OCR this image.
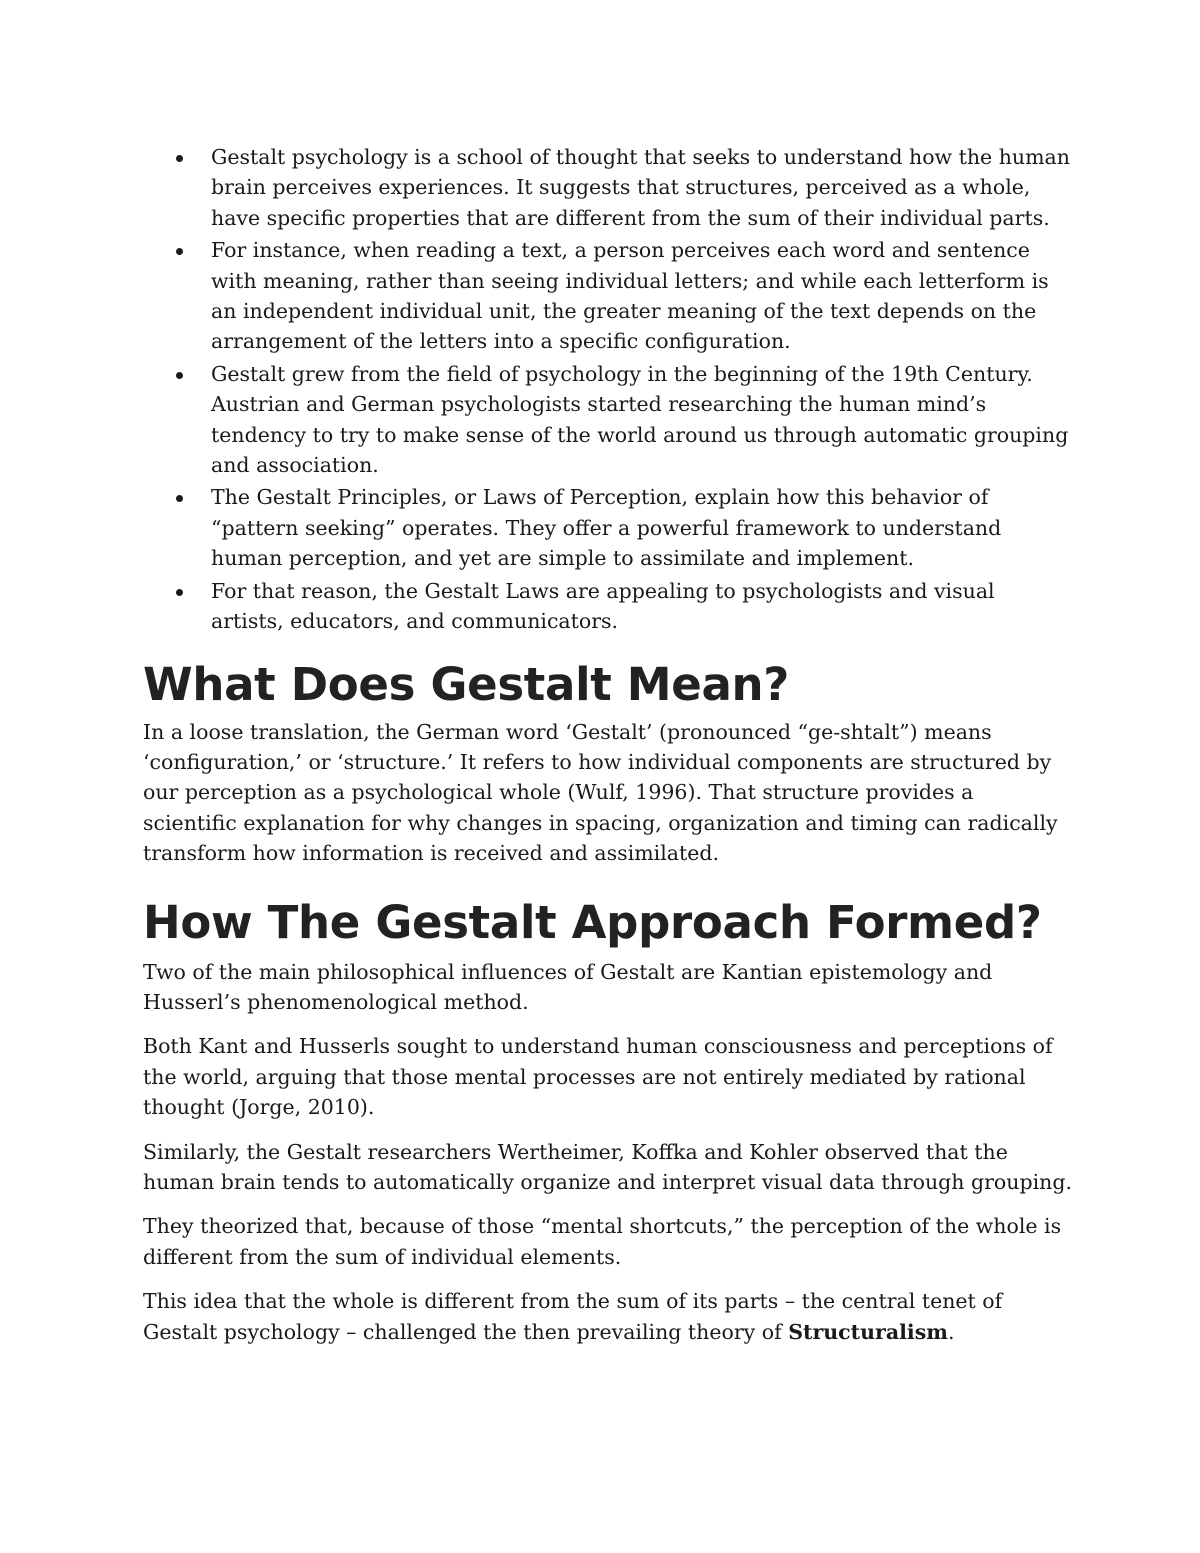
Gestalt psychology is a school of thought that seeks to understand how the human brain perceives experiences. It suggests that structures, perceived as a whole, have specific properties that are different from the sum of their individual parts.
For instance, when reading a text, a person perceives each word and sentence with meaning, rather than seeing individual letters; and while each letterform is an independent individual unit, the greater meaning of the text depends on the arrangement of the letters into a specific configuration.
Gestalt grew from the field of psychology in the beginning of the 19th Century. Austrian and German psychologists started researching the human mind’s tendency to try to make sense of the world around us through automatic grouping and association.
The Gestalt Principles, or Laws of Perception, explain how this behavior of “pattern seeking” operates. They offer a powerful framework to understand human perception, and yet are simple to assimilate and implement.
For that reason, the Gestalt Laws are appealing to psychologists and visual artists, educators, and communicators.
What Does Gestalt Mean?

In a loose translation, the German word ‘Gestalt’ (pronounced “ge-shtalt”) means ‘configuration,’ or ‘structure.’ It refers to how individual components are structured by our perception as a psychological whole (Wulf, 1996). That structure provides a scientific explanation for why changes in spacing, organization and timing can radically transform how information is received and assimilated.

How The Gestalt Approach Formed?

Two of the main philosophical influences of Gestalt are Kantian epistemology and Husserl’s phenomenological method.

Both Kant and Husserls sought to understand human consciousness and perceptions of the world, arguing that those mental processes are not entirely mediated by rational thought (Jorge, 2010).

Similarly, the Gestalt researchers Wertheimer, Koffka and Kohler observed that the human brain tends to automatically organize and interpret visual data through grouping.

They theorized that, because of those “mental shortcuts,” the perception of the whole is different from the sum of individual elements.

This idea that the whole is different from the sum of its parts – the central tenet of Gestalt psychology – challenged the then prevailing theory of Structuralism.
